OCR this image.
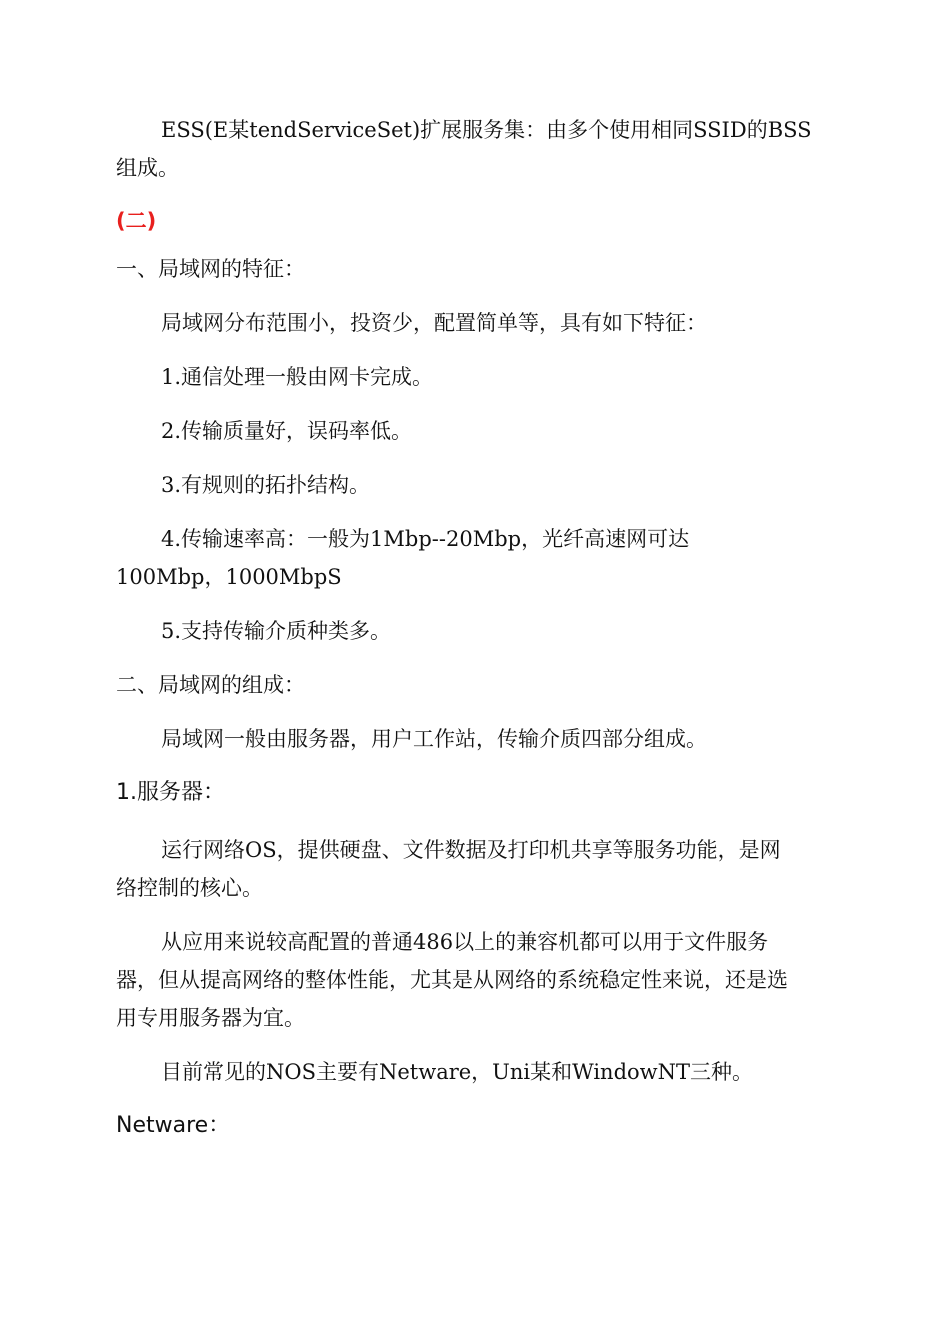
ESS(E某tendServiceSet)扩展服务集：由多个使用相同SSID的BSS
组成。
(二)
一、局域网的特征：
局域网分布范围小，投资少，配置简单等，具有如下特征：
1.通信处理一般由网卡完成。
2.传输质量好，误码率低。
3.有规则的拓扑结构。
4.传输速率高：一般为1Mbp--20Mbp，光纤高速网可达
100Mbp，1000MbpS
5.支持传输介质种类多。
二、局域网的组成：
局域网一般由服务器，用户工作站，传输介质四部分组成。
1.服务器：
运行网络OS，提供硬盘、文件数据及打印机共享等服务功能，是网
络控制的核心。
从应用来说较高配置的普通486以上的兼容机都可以用于文件服务
器，但从提高网络的整体性能，尤其是从网络的系统稳定性来说，还是选
用专用服务器为宜。
目前常见的NOS主要有Netware，Uni某和WindowNT三种。
Netware：
